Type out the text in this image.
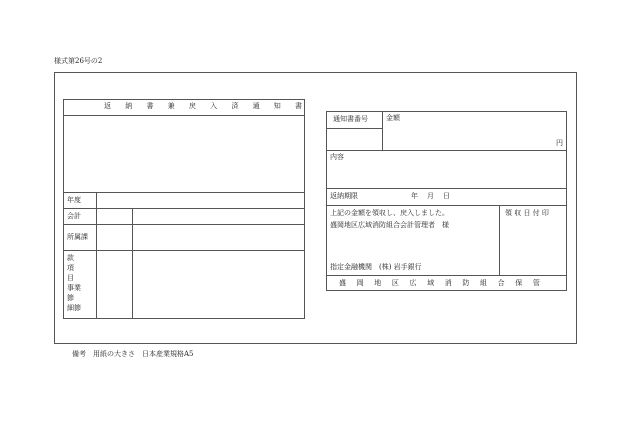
様式第26号の2
返 納 書 兼 戻 入 済 通 知 書
年度
会計
所属課
款
項
目
事業
節
細節
通知書番号	金額
円
内容
返納期限	年　月　日
上記の金額を領収し、戻入しました。
盛岡地区広域消防組合会計管理者　様
領 収 日 付 印
指定金融機関　(株) 岩手銀行
盛 岡 地 区 広 域 消 防 組 合 保 管
備考　用紙の大きさ　日本産業規格A5
